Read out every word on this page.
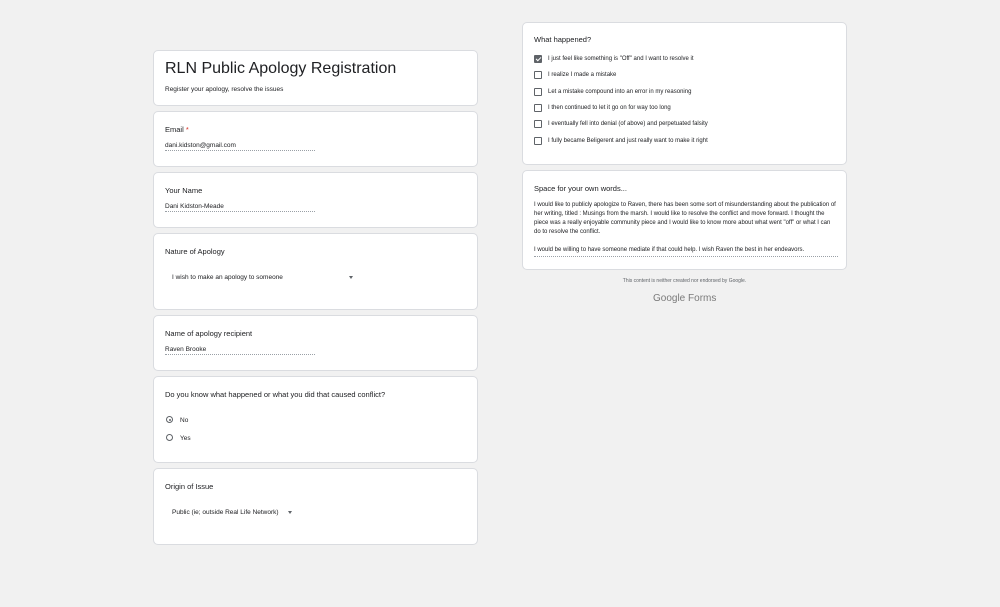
RLN Public Apology Registration
Register your apology, resolve the issues
Email *
dani.kidston@gmail.com
Your Name
Dani Kidston-Meade
Nature of Apology
I wish to make an apology to someone
Name of apology recipient
Raven Brooke
Do you know what happened or what you did that caused conflict?
No
Yes
Origin of Issue
Public (ie; outside Real Life Network)
What happened?
I just feel like something is "Off" and I want to resolve it
I realize I made a mistake
Let a mistake compound into an error in my reasoning
I then continued to let it go on for way too long
I eventually fell into denial (of above) and perpetuated falsity
I fully became Beligerent and just really want to make it right
Space for your own words...
I would like to publicly apologize to Raven, there has been some sort of misunderstanding about the publication of her writing, titled : Musings from the marsh. I would like to resolve the conflict and move forward. I thought the piece was a really enjoyable community piece and I would like to know more about what went "off" or what I can do to resolve the conflict.
I would be willing to have someone mediate if that could help. I wish Raven the best in her endeavors.
This content is neither created nor endorsed by Google.
Google Forms
